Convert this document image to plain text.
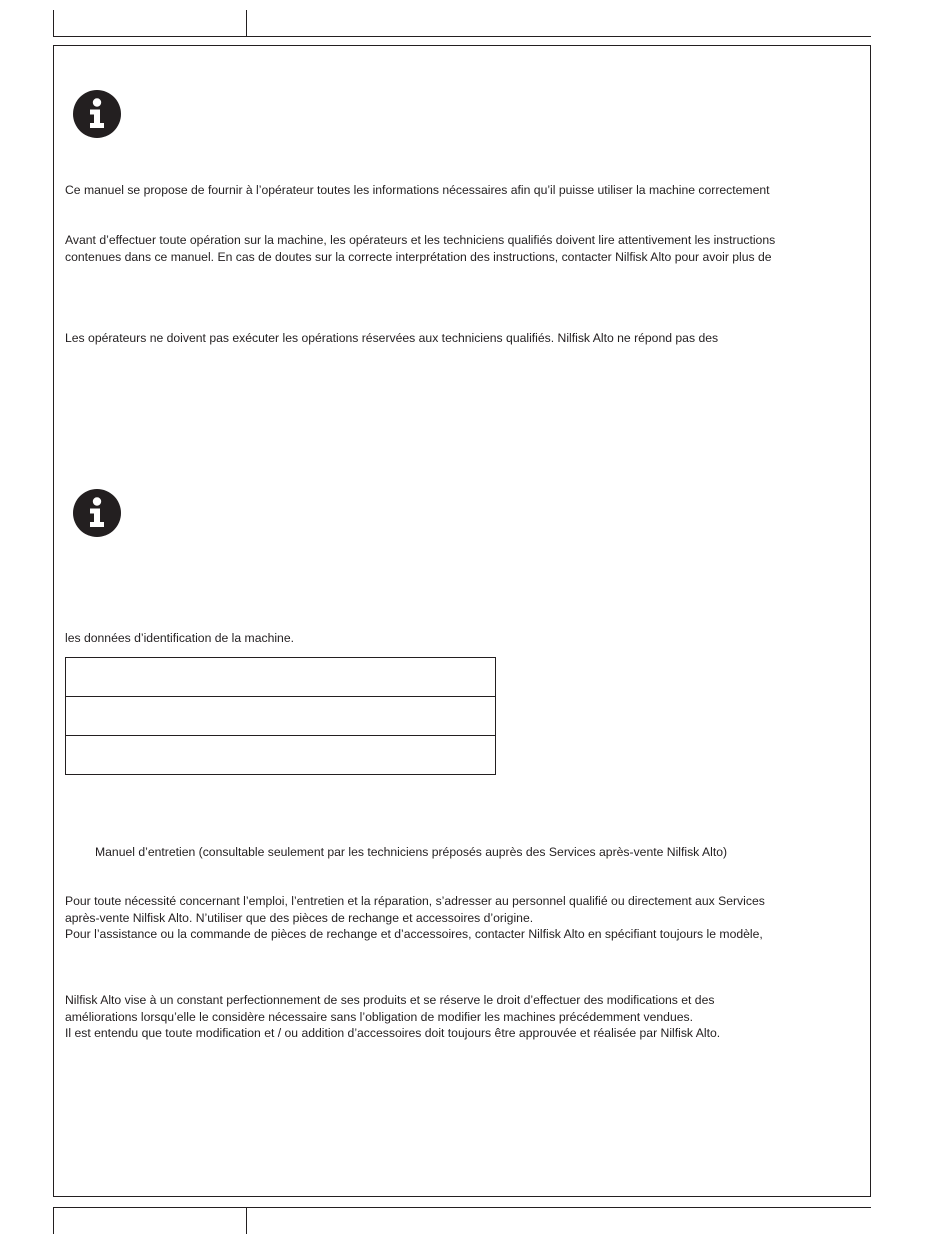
Ce manuel se propose de fournir à l’opérateur toutes les informations nécessaires afin qu’il puisse utiliser la machine correctement
Avant d’effectuer toute opération sur la machine, les opérateurs et les techniciens qualifiés doivent lire attentivement les instructions
contenues dans ce manuel. En cas de doutes sur la correcte interprétation des instructions, contacter Nilfisk Alto pour avoir plus de
Les opérateurs ne doivent pas exécuter les opérations réservées aux techniciens qualifiés. Nilfisk Alto ne répond pas des
les données d’identification de la machine.

Manuel d’entretien (consultable seulement par les techniciens préposés auprès des Services après-vente Nilfisk Alto)
Pour toute nécessité concernant l’emploi, l’entretien et la réparation, s’adresser au personnel qualifié ou directement aux Services
après-vente Nilfisk Alto. N’utiliser que des pièces de rechange et accessoires d’origine.
Pour l’assistance ou la commande de pièces de rechange et d’accessoires, contacter Nilfisk Alto en spécifiant toujours le modèle,
Nilfisk Alto vise à un constant perfectionnement de ses produits et se réserve le droit d’effectuer des modifications et des
améliorations lorsqu’elle le considère nécessaire sans l’obligation de modifier les machines précédemment vendues.
Il est entendu que toute modification et / ou addition d’accessoires doit toujours être approuvée et réalisée par Nilfisk Alto.
